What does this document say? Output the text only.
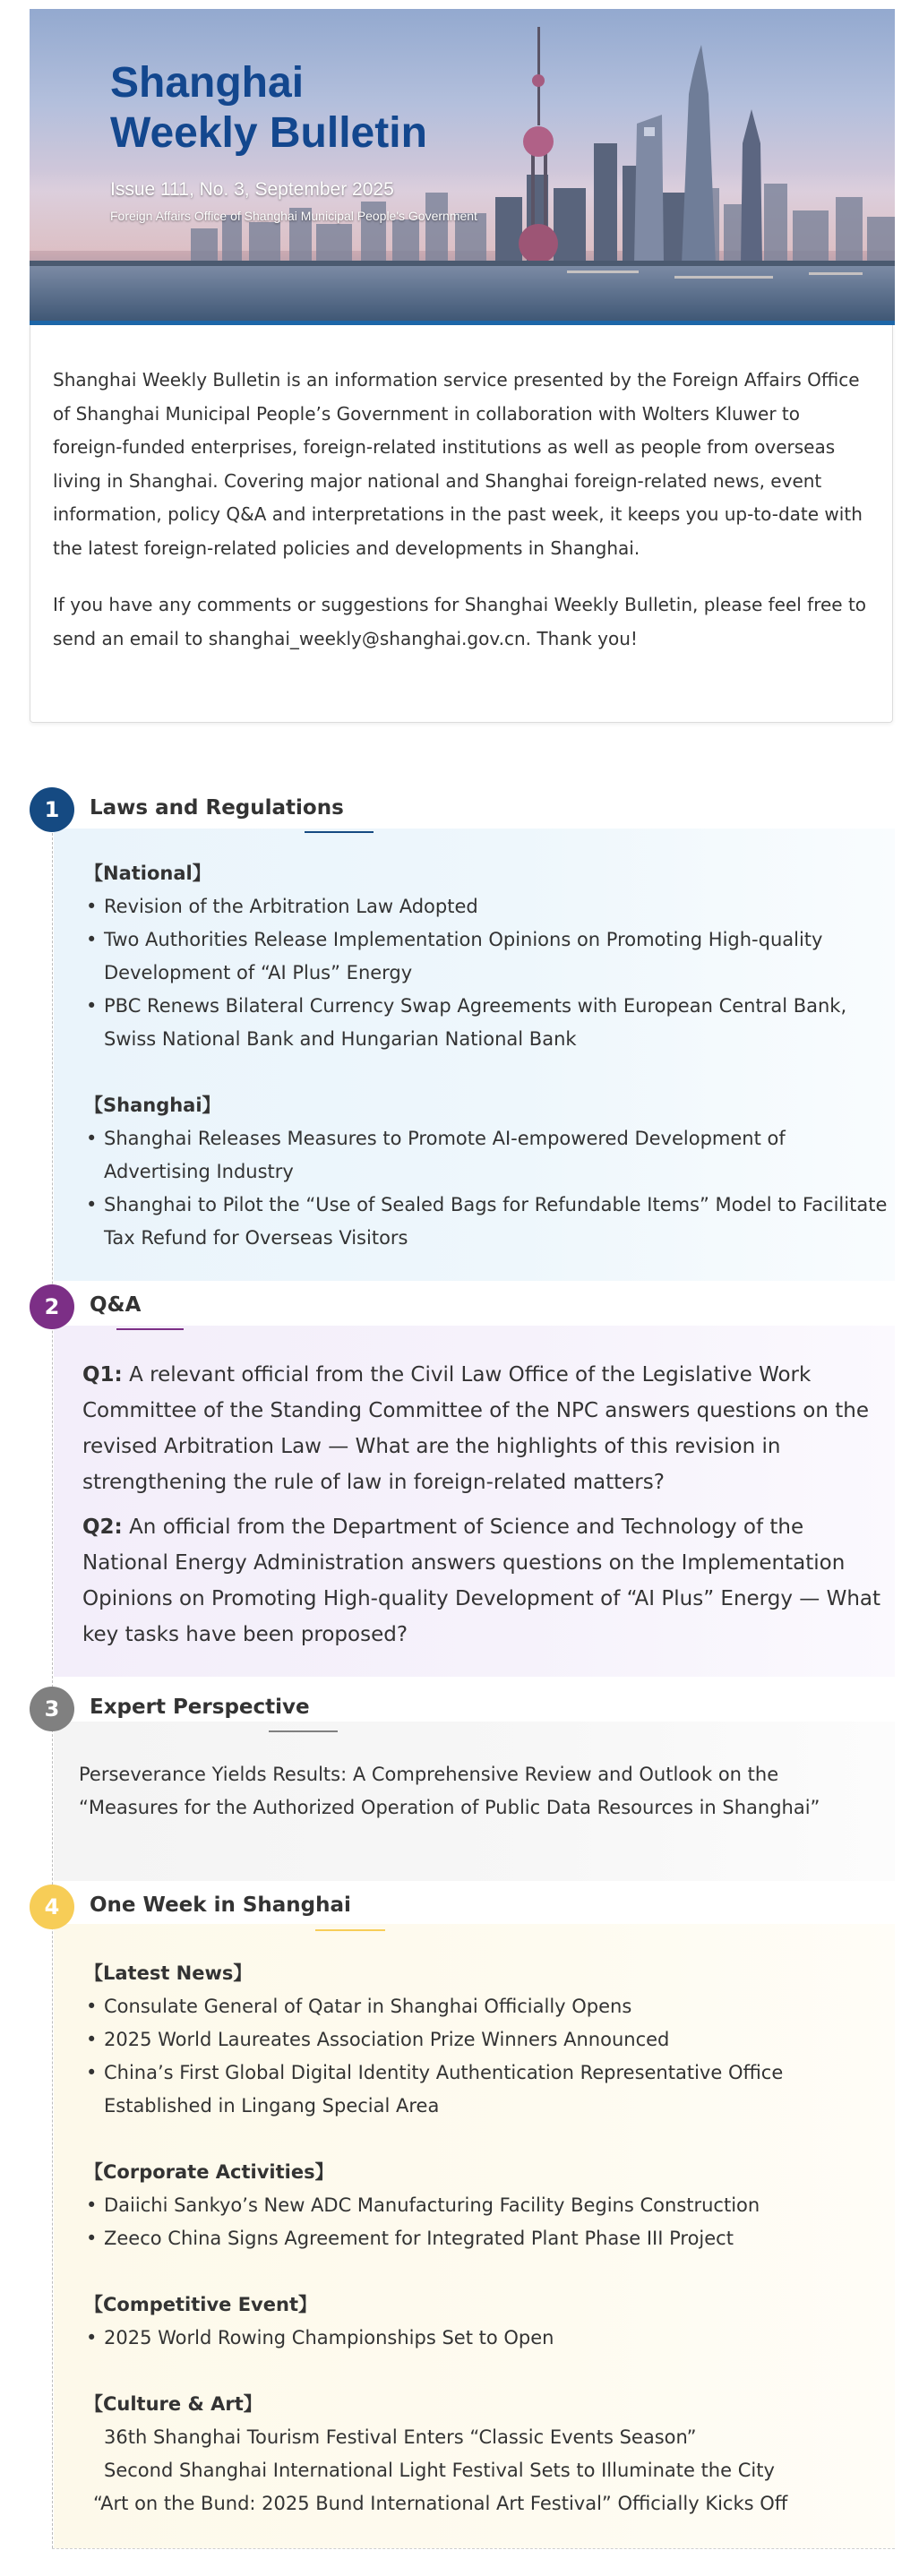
Shanghai
Weekly Bulletin
Issue 111, No. 3, September 2025
Foreign Affairs Office of Shanghai Municipal People's Government

Shanghai Weekly Bulletin is an information service presented by the Foreign Affairs Office of Shanghai Municipal People’s Government in collaboration with Wolters Kluwer to foreign-funded enterprises, foreign-related institutions as well as people from overseas living in Shanghai. Covering major national and Shanghai foreign-related news, event information, policy Q&A and interpretations in the past week, it keeps you up-to-date with the latest foreign-related policies and developments in Shanghai.

If you have any comments or suggestions for Shanghai Weekly Bulletin, please feel free to send an email to shanghai_weekly@shanghai.gov.cn. Thank you!

1	Laws and Regulations
【National】
• Revision of the Arbitration Law Adopted
• Two Authorities Release Implementation Opinions on Promoting High-quality Development of “AI Plus” Energy
• PBC Renews Bilateral Currency Swap Agreements with European Central Bank, Swiss National Bank and Hungarian National Bank
【Shanghai】
• Shanghai Releases Measures to Promote AI-empowered Development of Advertising Industry
• Shanghai to Pilot the “Use of Sealed Bags for Refundable Items” Model to Facilitate Tax Refund for Overseas Visitors
2	Q&A

Q1: A relevant official from the Civil Law Office of the Legislative Work Committee of the Standing Committee of the NPC answers questions on the revised Arbitration Law — What are the highlights of this revision in strengthening the rule of law in foreign-related matters?

Q2: An official from the Department of Science and Technology of the National Energy Administration answers questions on the Implementation Opinions on Promoting High-quality Development of “AI Plus” Energy — What key tasks have been proposed?

3	Expert Perspective

Perseverance Yields Results: A Comprehensive Review and Outlook on the “Measures for the Authorized Operation of Public Data Resources in Shanghai”

4	One Week in Shanghai
【Latest News】
• Consulate General of Qatar in Shanghai Officially Opens
• 2025 World Laureates Association Prize Winners Announced
• China’s First Global Digital Identity Authentication Representative Office Established in Lingang Special Area
【Corporate Activities】
• Daiichi Sankyo’s New ADC Manufacturing Facility Begins Construction
• Zeeco China Signs Agreement for Integrated Plant Phase III Project
【Competitive Event】
• 2025 World Rowing Championships Set to Open
【Culture & Art】
36th Shanghai Tourism Festival Enters “Classic Events Season”
Second Shanghai International Light Festival Sets to Illuminate the City
“Art on the Bund: 2025 Bund International Art Festival” Officially Kicks Off
